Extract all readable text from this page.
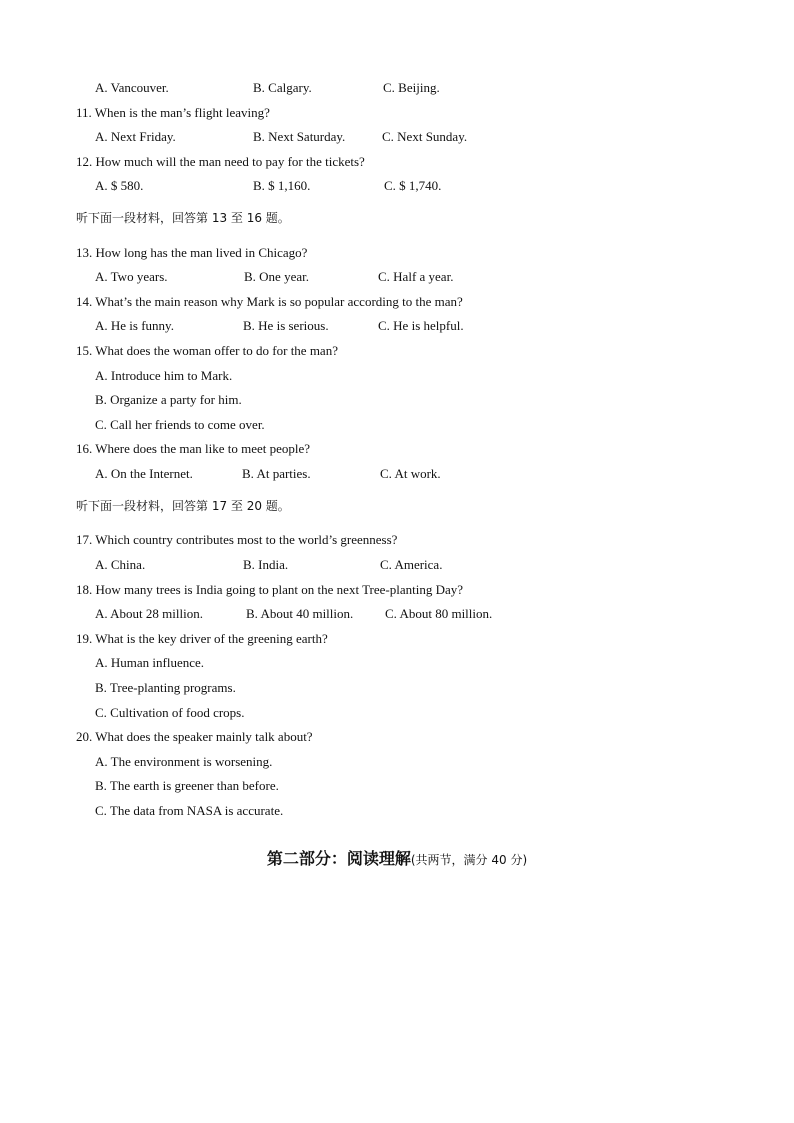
A. Vancouver.	B. Calgary.	C. Beijing.
11. When is the man’s flight leaving?
A. Next Friday.	B. Next Saturday.	C. Next Sunday.
12. How much will the man need to pay for the tickets?
A. $ 580.	B. $ 1,160.	C. $ 1,740.
听下面一段材料，回答第 13 至 16 题。
13. How long has the man lived in Chicago?
A. Two years.	B. One year.	C. Half a year.
14. What’s the main reason why Mark is so popular according to the man?
A. He is funny.	B. He is serious.	C. He is helpful.
15. What does the woman offer to do for the man?
A. Introduce him to Mark.
B. Organize a party for him.
C. Call her friends to come over.
16. Where does the man like to meet people?
A. On the Internet.	B. At parties.	C. At work.
听下面一段材料，回答第 17 至 20 题。
17. Which country contributes most to the world’s greenness?
A. China.	B. India.	C. America.
18. How many trees is India going to plant on the next Tree-planting Day?
A. About 28 million.	B. About 40 million. C. About 80 million.
19. What is the key driver of the greening earth?
A. Human influence.
B. Tree-planting programs.
C. Cultivation of food crops.
20. What does the speaker mainly talk about?
A. The environment is worsening.
B. The earth is greener than before.
C. The data from NASA is accurate.
第二部分：阅读理解(共两节，满分 40 分)
